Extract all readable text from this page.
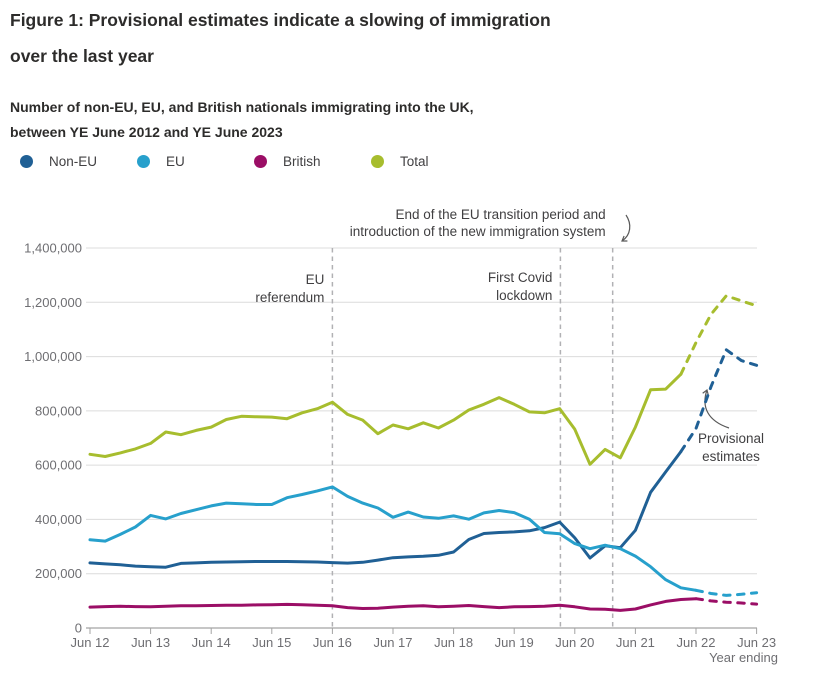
Figure 1: Provisional estimates indicate a slowing of immigration
over the last year
Number of non-EU, EU, and British nationals immigrating into the UK,
between YE June 2012 and YE June 2023
Non-EU	EU	British	Total
0
200,000
400,000
600,000
800,000
1,000,000
1,200,000
1,400,000
Jun 12 Jun 13 Jun 14 Jun 15 Jun 16 Jun 17 Jun 18 Jun 19 Jun 20 Jun 21 Jun 22 Jun 23
Year ending
EU
referendum
First Covid
lockdown
End of the EU transition period and
introduction of the new immigration system
Provisional
estimates
